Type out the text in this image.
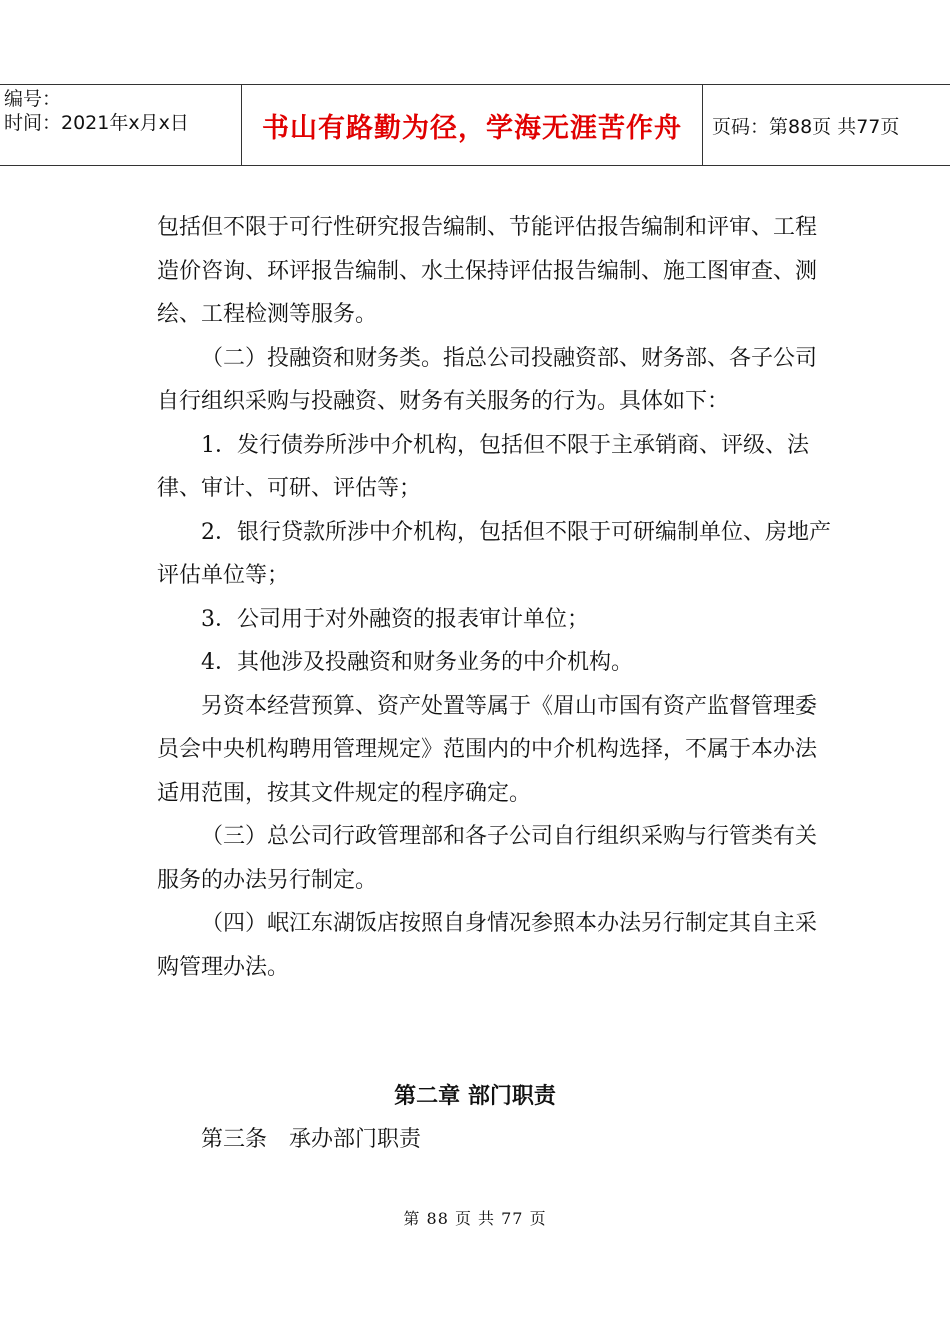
编号：
时间：2021年x月x日	书山有路勤为径，学海无涯苦作舟	页码：第88页 共77页

包括但不限于可行性研究报告编制、节能评估报告编制和评审、工程造价咨询、环评报告编制、水土保持评估报告编制、施工图审查、测绘、工程检测等服务。

（二）投融资和财务类。指总公司投融资部、财务部、各子公司自行组织采购与投融资、财务有关服务的行为。具体如下：

1．发行债券所涉中介机构，包括但不限于主承销商、评级、法律、审计、可研、评估等；

2．银行贷款所涉中介机构，包括但不限于可研编制单位、房地产评估单位等；

3．公司用于对外融资的报表审计单位；

4．其他涉及投融资和财务业务的中介机构。

另资本经营预算、资产处置等属于《眉山市国有资产监督管理委员会中央机构聘用管理规定》范围内的中介机构选择，不属于本办法适用范围，按其文件规定的程序确定。

（三）总公司行政管理部和各子公司自行组织采购与行管类有关服务的办法另行制定。

（四）岷江东湖饭店按照自身情况参照本办法另行制定其自主采购管理办法。

第二章 部门职责
第三条　承办部门职责
第 88 页 共 77 页
